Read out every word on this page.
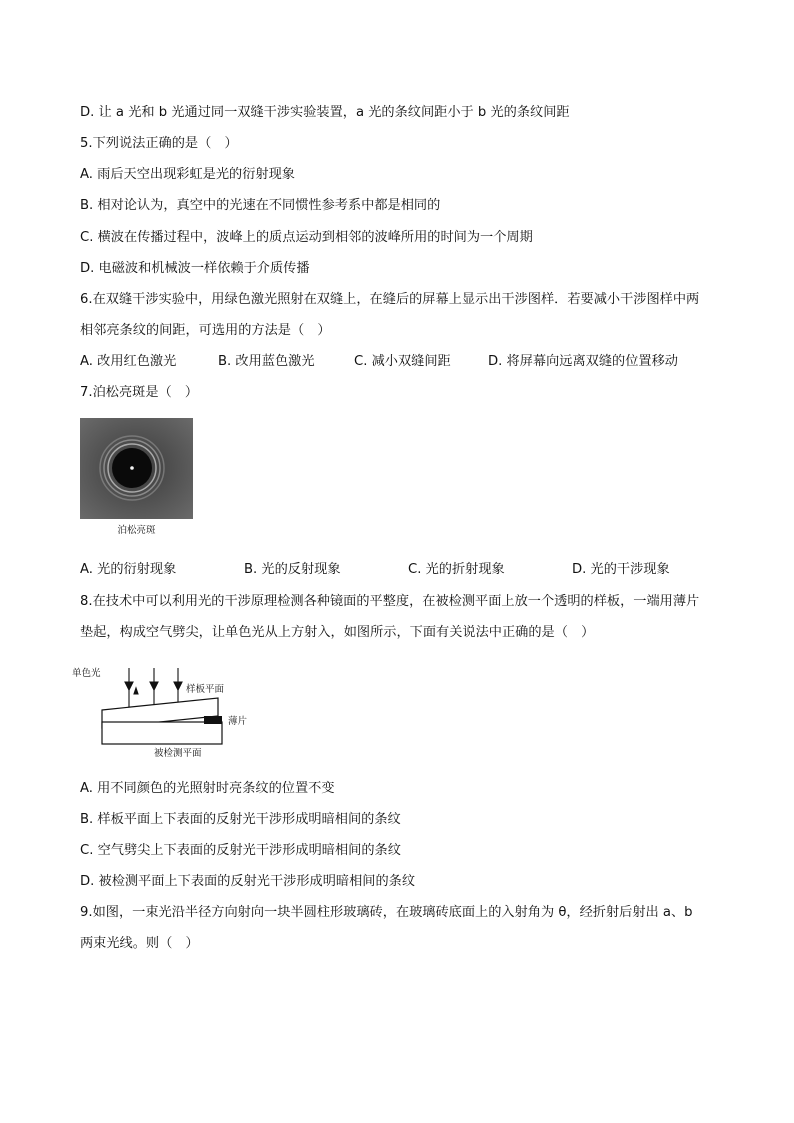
D. 让 a 光和 b 光通过同一双缝干涉实验装置，a 光的条纹间距小于 b 光的条纹间距
5.下列说法正确的是（　）
A. 雨后天空出现彩虹是光的衍射现象
B. 相对论认为，真空中的光速在不同惯性参考系中都是相同的
C. 横波在传播过程中，波峰上的质点运动到相邻的波峰所用的时间为一个周期
D. 电磁波和机械波一样依赖于介质传播
6.在双缝干涉实验中，用绿色激光照射在双缝上，在缝后的屏幕上显示出干涉图样．若要减小干涉图样中两
相邻亮条纹的间距，可选用的方法是（　）
A. 改用红色激光	B. 改用蓝色激光	C. 减小双缝间距	D. 将屏幕向远离双缝的位置移动
7.泊松亮斑是（　）
泊松亮斑
A. 光的衍射现象	B. 光的反射现象	C. 光的折射现象	D. 光的干涉现象
8.在技术中可以利用光的干涉原理检测各种镜面的平整度，在被检测平面上放一个透明的样板，一端用薄片
垫起，构成空气劈尖，让单色光从上方射入，如图所示，下面有关说法中正确的是（　）
单色光
样板平面
薄片
被检测平面
A. 用不同颜色的光照射时亮条纹的位置不变
B. 样板平面上下表面的反射光干涉形成明暗相间的条纹
C. 空气劈尖上下表面的反射光干涉形成明暗相间的条纹
D. 被检测平面上下表面的反射光干涉形成明暗相间的条纹
9.如图，一束光沿半径方向射向一块半圆柱形玻璃砖，在玻璃砖底面上的入射角为 θ，经折射后射出 a、b
两束光线。则（　）
